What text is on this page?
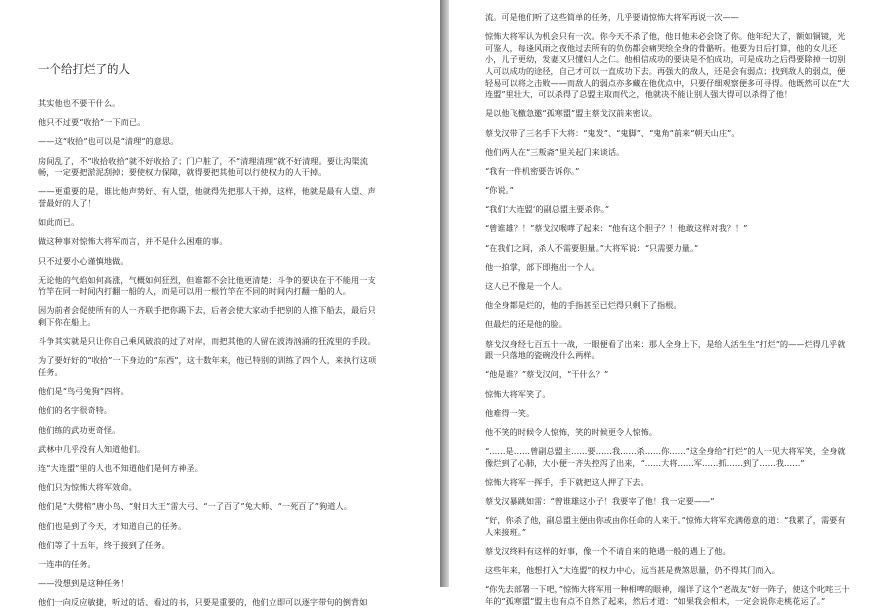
一个给打烂了的人

其实他也不要干什么。

他只不过要“收拾”一下而已。

——这“收拾”也可以是“清理”的意思。

房间乱了，不“收拾收拾”就不好收拾了；门户脏了，不“清理清理”就不好清理。要让沟渠流畅，一定要把淤泥刮掉；要使权力保障，就得要把其他可以行使权力的人干掉。

——更重要的是，谁比他声势好、有人望，他就得先把那人干掉，这样，他就是最有人望、声誉最好的人了！

如此而已。

做这种事对惊怖大将军而言，并不是什么困难的事。

只不过要小心谨慎地做。

无论他的气焰如何高涨，气概如何狂烈，但谁都不会比他更清楚：斗争的要诀在于不能用一支竹竿在同一时间内打翻一船的人，而是可以用一根竹竿在不同的时间内打翻一船的人。

因为前者会促使所有的人一齐联手把你踢下去，后者会使大家动手把别的人推下船去，最后只剩下你在船上。

斗争其实就是只让你自己乘风破浪的过了对岸，而把其他的人留在波涛汹涌的狂流里的手段。

为了要好好的“收拾”一下身边的“东西”，这十数年来，他已特别的训练了四个人，来执行这项任务。

他们是“鸟弓兔狗”四将。

他们的名字很奇特。

他们练的武功更奇怪。

武林中几乎没有人知道他们。

连“大连盟”里的人也不知道他们是何方神圣。

他们只为惊怖大将军效命。

他们是“大劈棺”唐小鸟、“射日大王”雷大弓、“一了百了”兔大师、“一死百了”狗道人。

他们也是到了今天，才知道自己的任务。

他们等了十五年，终于接到了任务。

一连串的任务。

——没想到是这种任务！

他们一向反应敏捷，听过的话、看过的书，只要是重要的，他们立即可以逐字带句的倒背如

流。可是他们听了这些简单的任务，几乎要请惊怖大将军再说一次——

惊怖大将军认为机会只有一次。你今天不杀了他，他日他未必会饶了你。他年纪大了，额如铜镜，光可鉴人，每逢风雨之夜他过去所有的负伤都会痛哭绘全身的骨骼听。他要为日后打算，他的女儿还小，儿子更幼，发妻又只懂妇人之仁。他相信成功的要诀是不怕成功，可是成功之后得要除掉一切别人可以成功的途径，自己才可以一直成功下去。再强大的敌人，还是会有弱点；找到敌人的弱点，便轻易可以将之击败——而敌人的弱点亦多藏在他优点中，只要仔细观察便多可寻得。他既然可以在“大连盟”里壮大，可以杀得了总盟主取而代之，他就决不能让别人强大得可以杀得了他！

是以他飞檄急邀“孤寒盟”盟主蔡戈汉前来密议。

蔡戈汉带了三名手下大将：“鬼发”、“鬼脚”、“鬼角”前来“朝天山庄”。

他们两人在“三叛斋”里关起门来谈话。

“我有一件机密要告诉你。”

“你说。”

“我们‘大连盟’的副总盟主要杀你。”

“曾谁雄？！”蔡戈汉喉哮了起来：“他有这个胆子？！他敢这样对我？！”

“在我们之间，杀人不需要胆量。”大将军说：“只需要力量。”

他一拍掌，部下即拖出一个人。

这人已不像是一个人。

他全身都是烂的，他的手指甚至已烂得只剩下了指根。

但最烂的还是他的脸。

蔡戈汉身经七百五十一战，一眼便看了出来：那人全身上下，是给人活生生“打烂”的——烂得几乎就跟一只落地的瓷碗没什么两样。

“他是谁？”蔡戈汉问，“干什么？”

惊怖大将军笑了。

他难得一笑。

他不笑的时候令人惊怖，笑的时候更令人惊怖。

“……是……曾副总盟主……要……我……杀……你……”这全身给“打烂”的人一见大将军笑，全身就像烂到了心肺，大小便一齐失控泻了出来，“……大将……军……抓……到了……我……”

惊怖大将军一挥手，手下就把这人押了下去。

蔡戈汉暴跳如雷：“曾谁雄这小子！我要宰了他！我一定要——”

“好，你杀了他，副总盟主便由你或由你任命的人来干。”惊怖大将军充满倦意的道：“我累了，需要有人来接班。”

蔡戈汉终料有这样的好事，像一个不请自来的艳遇一般的遇上了他。

这些年来，他想打入“大连盟”的权力中心，远当甚是费煞思量，仍不得其门而入。

“你先去部署一下吧，”惊怖大将军用一种相啤的眼神，端详了这个“老战友”好一阵子，使这个叱咤三十年的“孤寒盟”盟主也有点不自然了起来，然后才道：“如果我会相术，一定会说你走桃花运了。”
